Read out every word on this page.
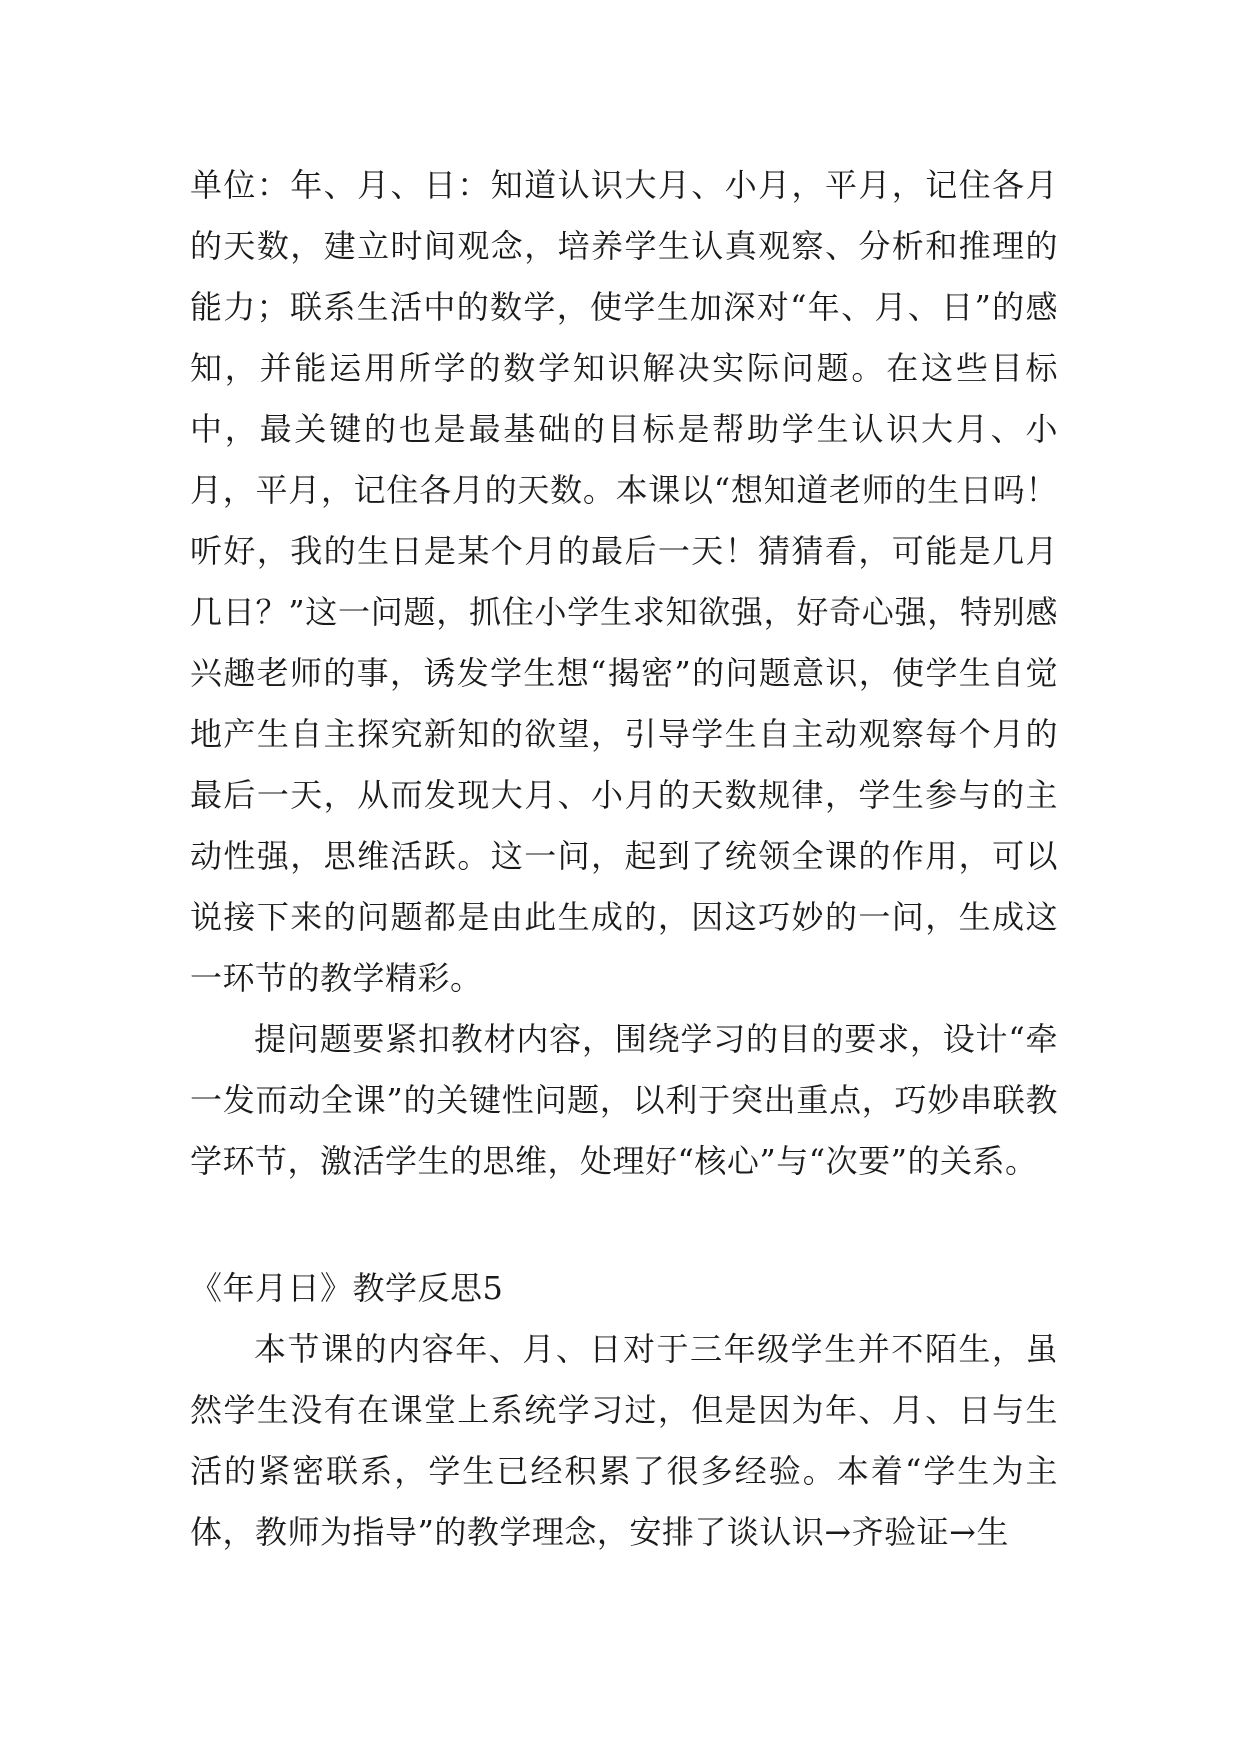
单位：年、月、日：知道认识大月、小月，平月，记住各月的天数，建立时间观念，培养学生认真观察、分析和推理的能力；联系生活中的数学，使学生加深对“年、月、日”的感知，并能运用所学的数学知识解决实际问题。在这些目标中，最关键的也是最基础的目标是帮助学生认识大月、小月，平月，记住各月的天数。本课以“想知道老师的生日吗！听好，我的生日是某个月的最后一天！猜猜看，可能是几月几日？”这一问题，抓住小学生求知欲强，好奇心强，特别感兴趣老师的事，诱发学生想“揭密”的问题意识，使学生自觉地产生自主探究新知的欲望，引导学生自主动观察每个月的最后一天，从而发现大月、小月的天数规律，学生参与的主动性强，思维活跃。这一问，起到了统领全课的作用，可以说接下来的问题都是由此生成的，因这巧妙的一问，生成这一环节的教学精彩。

提问题要紧扣教材内容，围绕学习的目的要求，设计“牵一发而动全课”的关键性问题，以利于突出重点，巧妙串联教学环节，激活学生的思维，处理好“核心”与“次要”的关系。

《年月日》教学反思5

本节课的内容年、月、日对于三年级学生并不陌生，虽然学生没有在课堂上系统学习过，但是因为年、月、日与生活的紧密联系，学生已经积累了很多经验。本着“学生为主体，教师为指导”的教学理念，安排了谈认识→齐验证→生
